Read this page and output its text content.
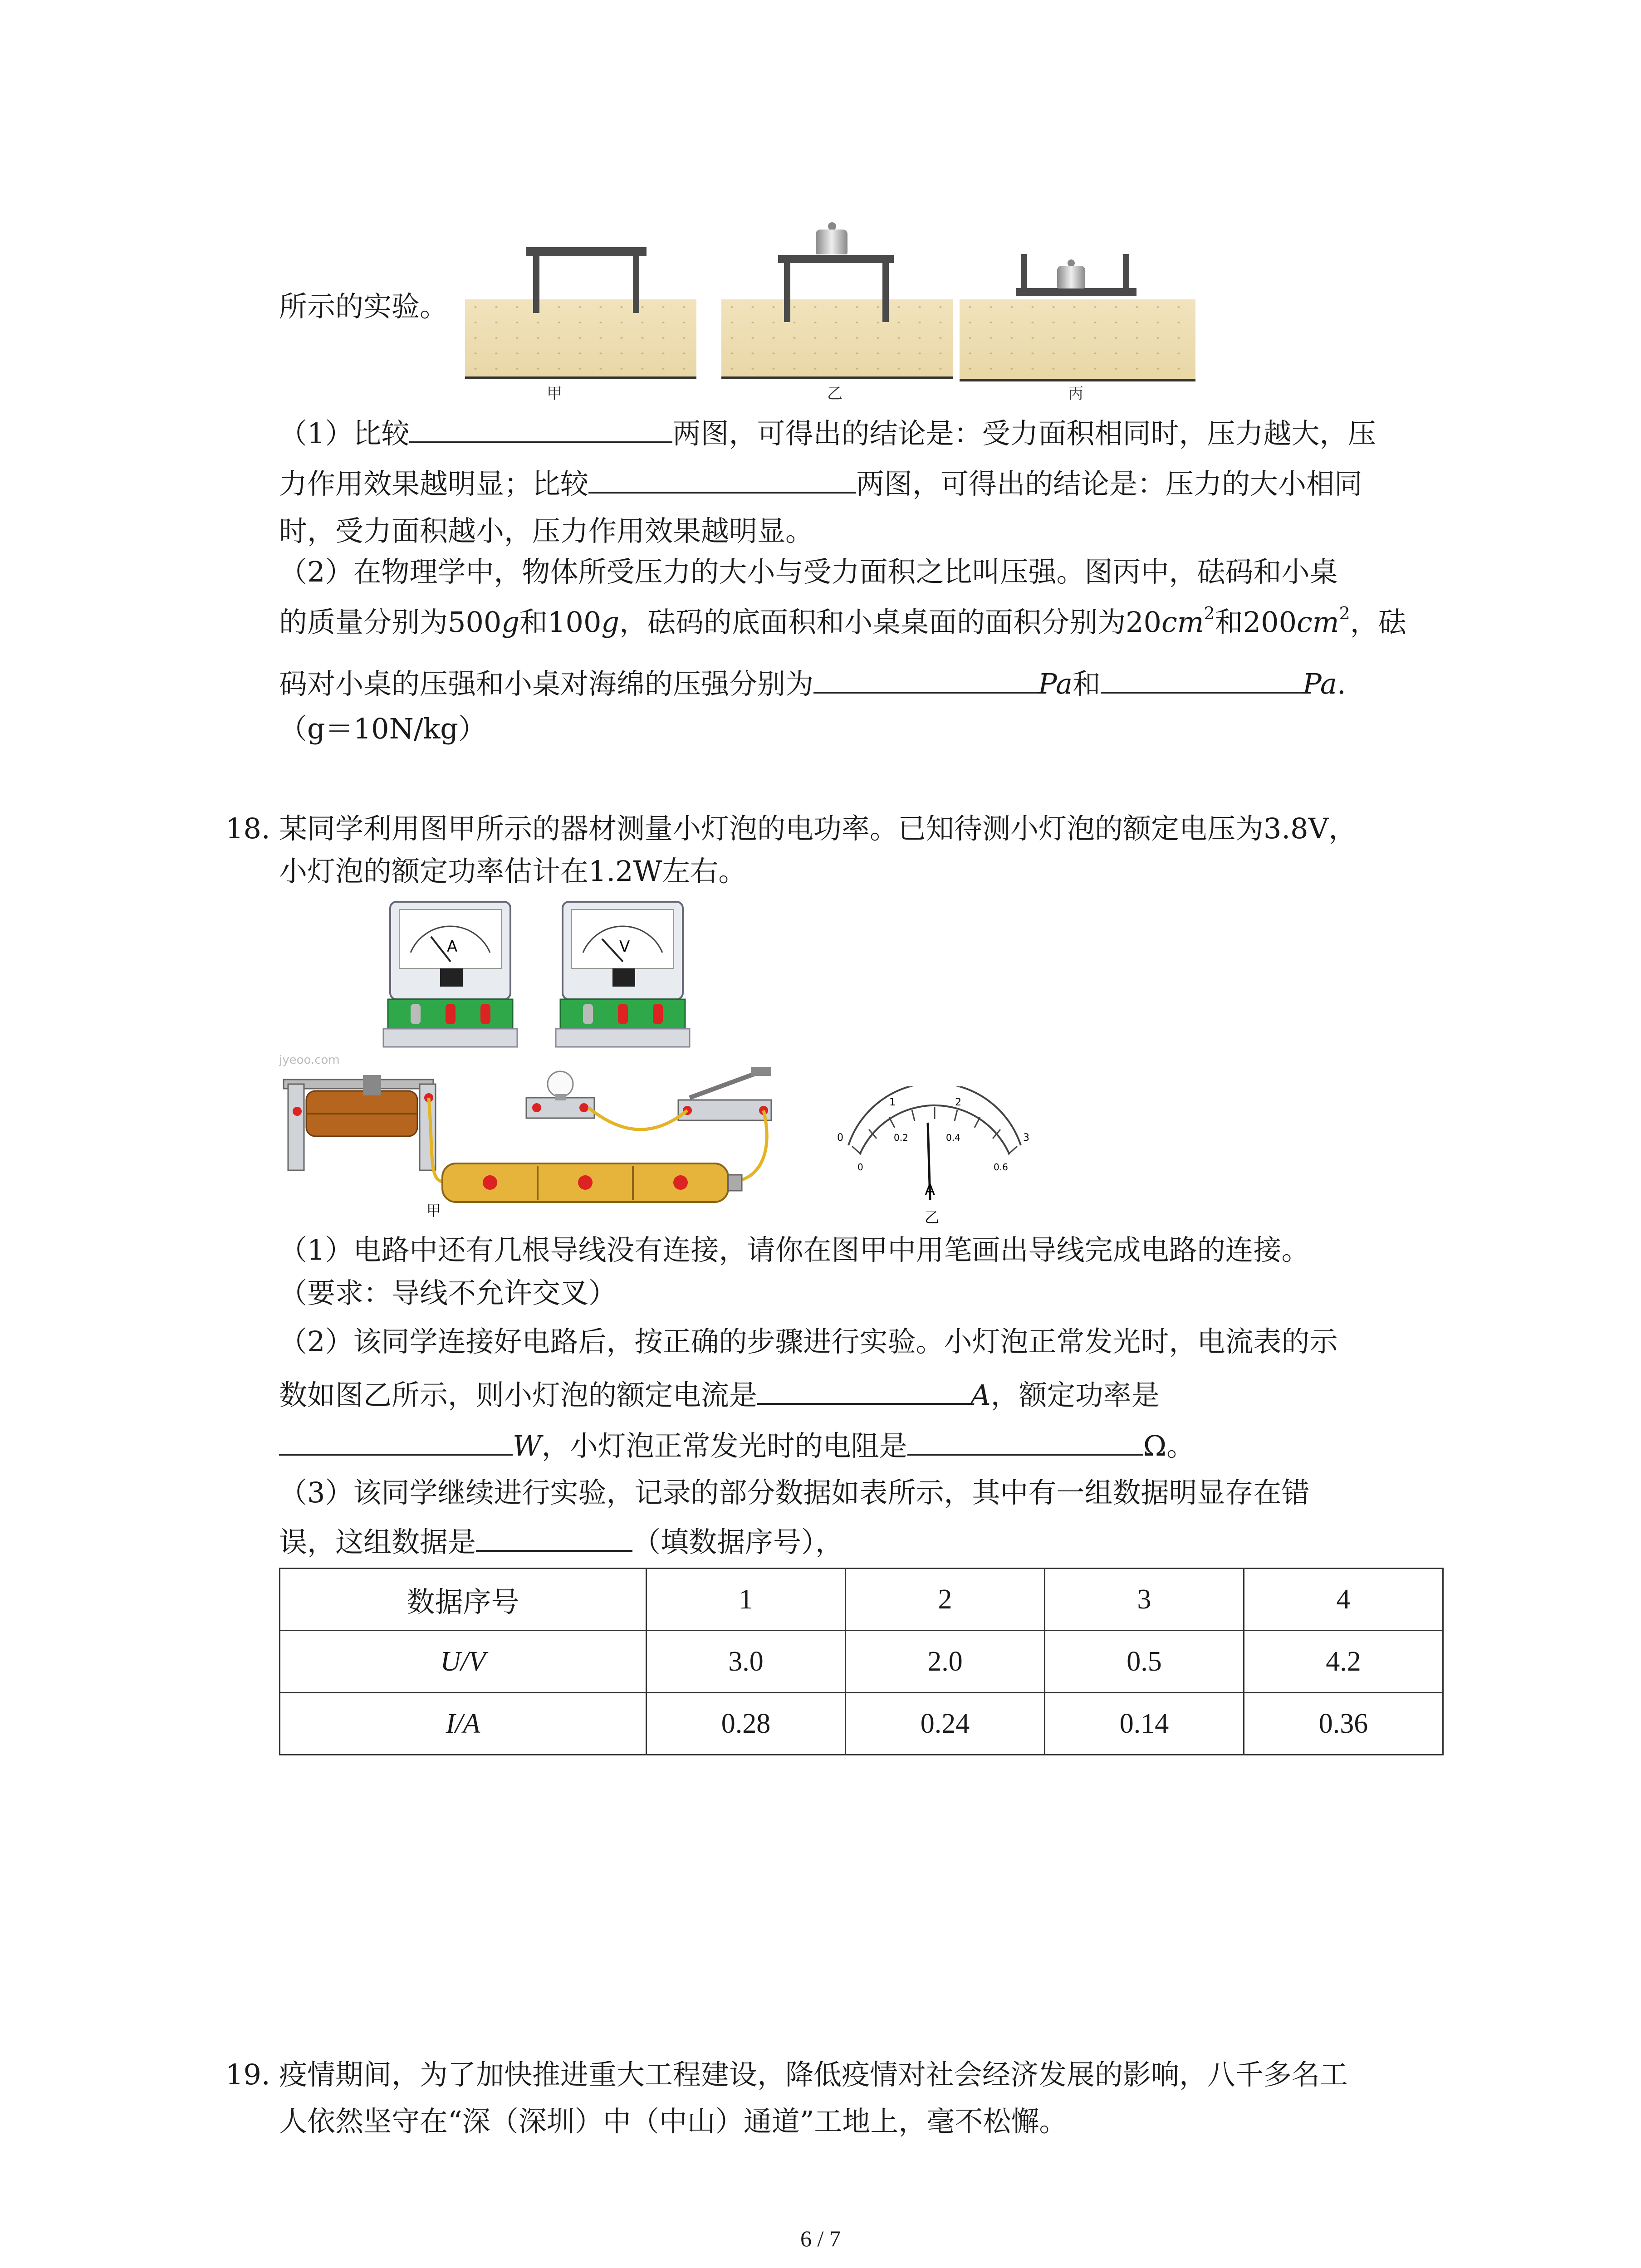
甲	乙	丙
所示的实验。
（1）比较	两图，可得出的结论是：受力面积相同时，压力越大，压
力作用效果越明显；比较	两图，可得出的结论是：压力的大小相同
时，受力面积越小，压力作用效果越明显。
（2）在物理学中，物体所受压力的大小与受力面积之比叫压强。图丙中，砝码和小桌
的质量分别为500g和100g，砝码的底面积和小桌桌面的面积分别为$20cm^2$和$200cm^2$，砝
码对小桌的压强和小桌对海绵的压强分别为	Pa和	Pa.
（g＝10N/kg）
18. 某同学利用图甲所示的器材测量小灯泡的电功率。已知待测小灯泡的额定电压为3.8V，
小灯泡的额定功率估计在1.2W左右。
A	V
jyeoo.com
甲
0
1	2
3
0
0.2	0.4
0.6
A
乙
（1）电路中还有几根导线没有连接，请你在图甲中用笔画出导线完成电路的连接。
（要求：导线不允许交叉）
（2）该同学连接好电路后，按正确的步骤进行实验。小灯泡正常发光时，电流表的示
数如图乙所示，则小灯泡的额定电流是	A，额定功率是
W，小灯泡正常发光时的电阻是	Ω。
（3）该同学继续进行实验，记录的部分数据如表所示，其中有一组数据明显存在错
误，这组数据是	（填数据序号），
数据序号	1	2	3	4
U/V	3.0	2.0	0.5	4.2
I/A	0.28	0.24	0.14	0.36
19. 疫情期间，为了加快推进重大工程建设，降低疫情对社会经济发展的影响，八千多名工
人依然坚守在“深（深圳）中（中山）通道”工地上，毫不松懈。
6 / 7
